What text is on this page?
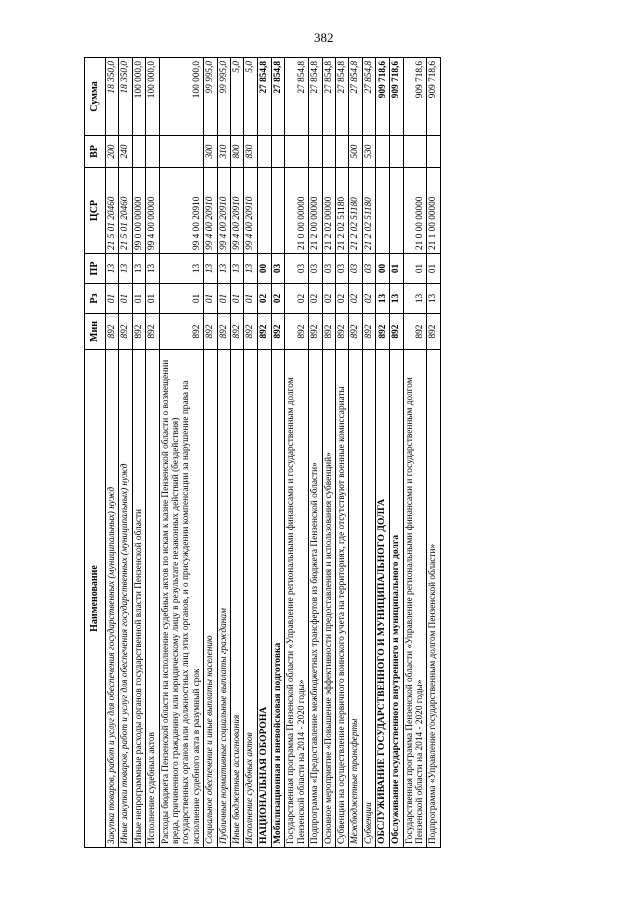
382
Наименование	Мин	Рз	ПР	ЦСР	ВР	Сумма
Закупка товаров, работ и услуг для обеспечения государственных (муниципальных) нужд	892	01	13	21 5 01 20460	200	18 350,0
Иные закупки товаров, работ и услуг для обеспечения государственных (муниципальных) нужд	892	01	13	21 5 01 20460	240	18 350,0
Иные непрограммные расходы органов государственной власти Пензенской области	892	01	13	99 0 00 00000		100 000,0
Исполнение судебных актов	892	01	13	99 4 00 00000		100 000,0
Расходы бюджета Пензенской области на исполнение судебных актов по искам к казне Пензенской области о возмещении вреда, причиненного гражданину или юридическому лицу в результате незаконных действий (бездействия) государственных органов или должностных лиц этих органов, и о присуждении компенсации за нарушение права на исполнение судебного акта в разумный срок	892	01	13	99 4 00 20910		100 000,0
Социальное обеспечение и иные выплаты населению	892	01	13	99 4 00 20910	300	99 995,0
Публичные нормативные социальные выплаты гражданам	892	01	13	99 4 00 20910	310	99 995,0
Иные бюджетные ассигнования	892	01	13	99 4 00 20910	800	5,0
Исполнение судебных актов	892	01	13	99 4 00 20910	830	5,0
НАЦИОНАЛЬНАЯ ОБОРОНА	892	02	00			27 854,8
Мобилизационная и вневойсковая подготовка	892	02	03			27 854,8
Государственная программа Пензенской области «Управление региональными финансами и государственным долгом Пензенской области на 2014 - 2020 годы»	892	02	03	21 0 00 00000		27 854,8
Подпрограмма «Предоставление межбюджетных трансфертов из бюджета Пензенской области»	892	02	03	21 2 00 00000		27 854,8
Основное мероприятие «Повышение эффективности предоставления и использования субвенций»	892	02	03	21 2 02 00000		27 854,8
Субвенции на осуществление первичного воинского учета на территориях, где отсутствуют военные комиссариаты	892	02	03	21 2 02 51180		27 854,8
Межбюджетные трансферты	892	02	03	21 2 02 51180	500	27 854,8
Субвенции	892	02	03	21 2 02 51180	530	27 854,8
ОБСЛУЖИВАНИЕ ГОСУДАРСТВЕННОГО И МУНИЦИПАЛЬНОГО ДОЛГА	892	13	00			909 718,6
Обслуживание государственного внутреннего и муниципального долга	892	13	01			909 718,6
Государственная программа Пензенской области «Управление региональными финансами и государственным долгом Пензенской области на 2014 - 2020 годы»	892	13	01	21 0 00 00000		909 718,6
Подпрограмма «Управление государственным долгом Пензенской области»	892	13	01	21 1 00 00000		909 718,6
